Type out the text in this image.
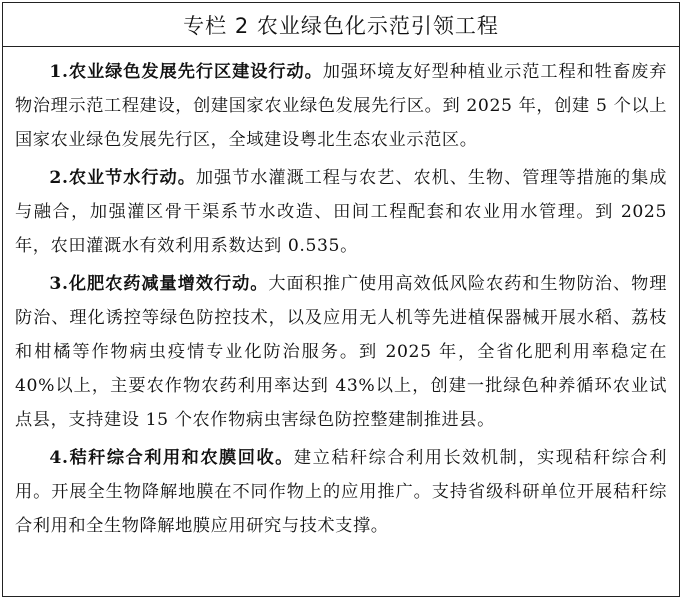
专栏 2 农业绿色化示范引领工程

1.农业绿色发展先行区建设行动。加强环境友好型种植业示范工程和牲畜废弃物治理示范工程建设，创建国家农业绿色发展先行区。到 2025 年，创建 5 个以上国家农业绿色发展先行区，全域建设粤北生态农业示范区。

2.农业节水行动。加强节水灌溉工程与农艺、农机、生物、管理等措施的集成与融合，加强灌区骨干渠系节水改造、田间工程配套和农业用水管理。到 2025 年，农田灌溉水有效利用系数达到 0.535。

3.化肥农药减量增效行动。大面积推广使用高效低风险农药和生物防治、物理防治、理化诱控等绿色防控技术，以及应用无人机等先进植保器械开展水稻、荔枝和柑橘等作物病虫疫情专业化防治服务。到 2025 年，全省化肥利用率稳定在 40%以上，主要农作物农药利用率达到 43%以上，创建一批绿色种养循环农业试点县，支持建设 15 个农作物病虫害绿色防控整建制推进县。

4.秸秆综合利用和农膜回收。建立秸秆综合利用长效机制，实现秸秆综合利用。开展全生物降解地膜在不同作物上的应用推广。支持省级科研单位开展秸秆综合利用和全生物降解地膜应用研究与技术支撑。
